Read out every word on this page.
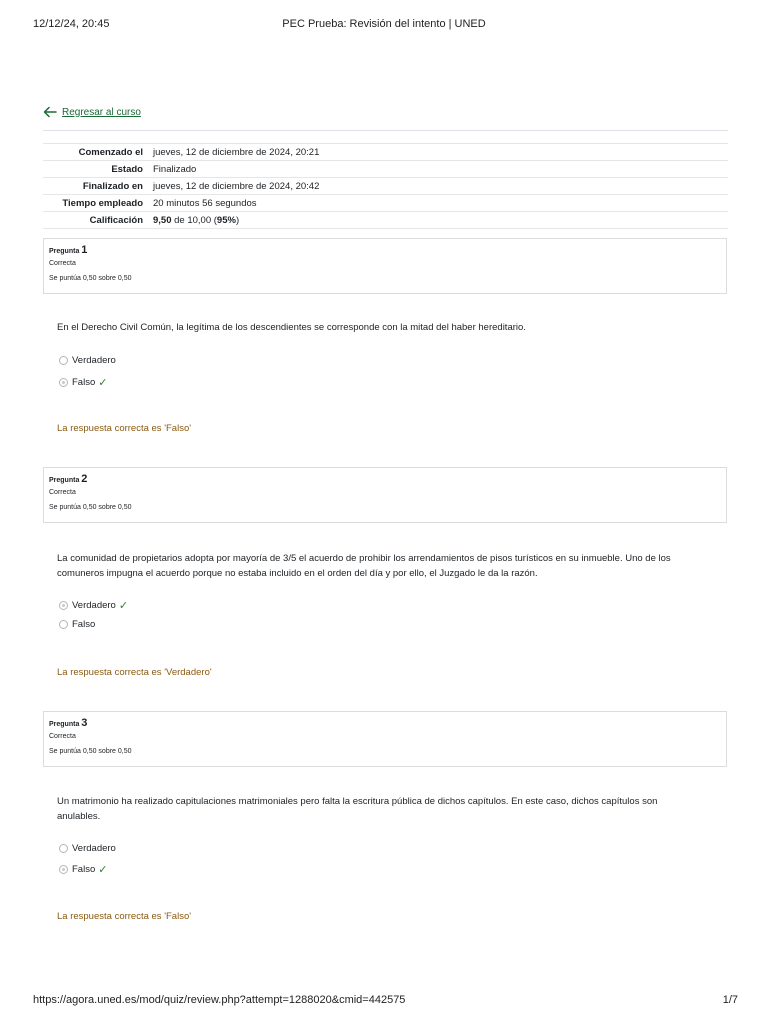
12/12/24, 20:45	PEC Prueba: Revisión del intento | UNED
Regresar al curso
Comenzado el	jueves, 12 de diciembre de 2024, 20:21
Estado	Finalizado
Finalizado en	jueves, 12 de diciembre de 2024, 20:42
Tiempo empleado	20 minutos 56 segundos
Calificación	9,50 de 10,00 (95%)
Pregunta 1
Correcta
Se puntúa 0,50 sobre 0,50
En el Derecho Civil Común, la legítima de los descendientes se corresponde con la mitad del haber hereditario.
Verdadero
Falso ✓
La respuesta correcta es 'Falso'
Pregunta 2
Correcta
Se puntúa 0,50 sobre 0,50
La comunidad de propietarios adopta por mayoría de 3/5 el acuerdo de prohibir los arrendamientos de pisos turísticos en su inmueble. Uno de los comuneros impugna el acuerdo porque no estaba incluido en el orden del día y por ello, el Juzgado le da la razón.
Verdadero ✓
Falso
La respuesta correcta es 'Verdadero'
Pregunta 3
Correcta
Se puntúa 0,50 sobre 0,50
Un matrimonio ha realizado capitulaciones matrimoniales pero falta la escritura pública de dichos capítulos. En este caso, dichos capítulos son anulables.
Verdadero
Falso ✓
La respuesta correcta es 'Falso'
https://agora.uned.es/mod/quiz/review.php?attempt=1288020&cmid=442575	1/7
